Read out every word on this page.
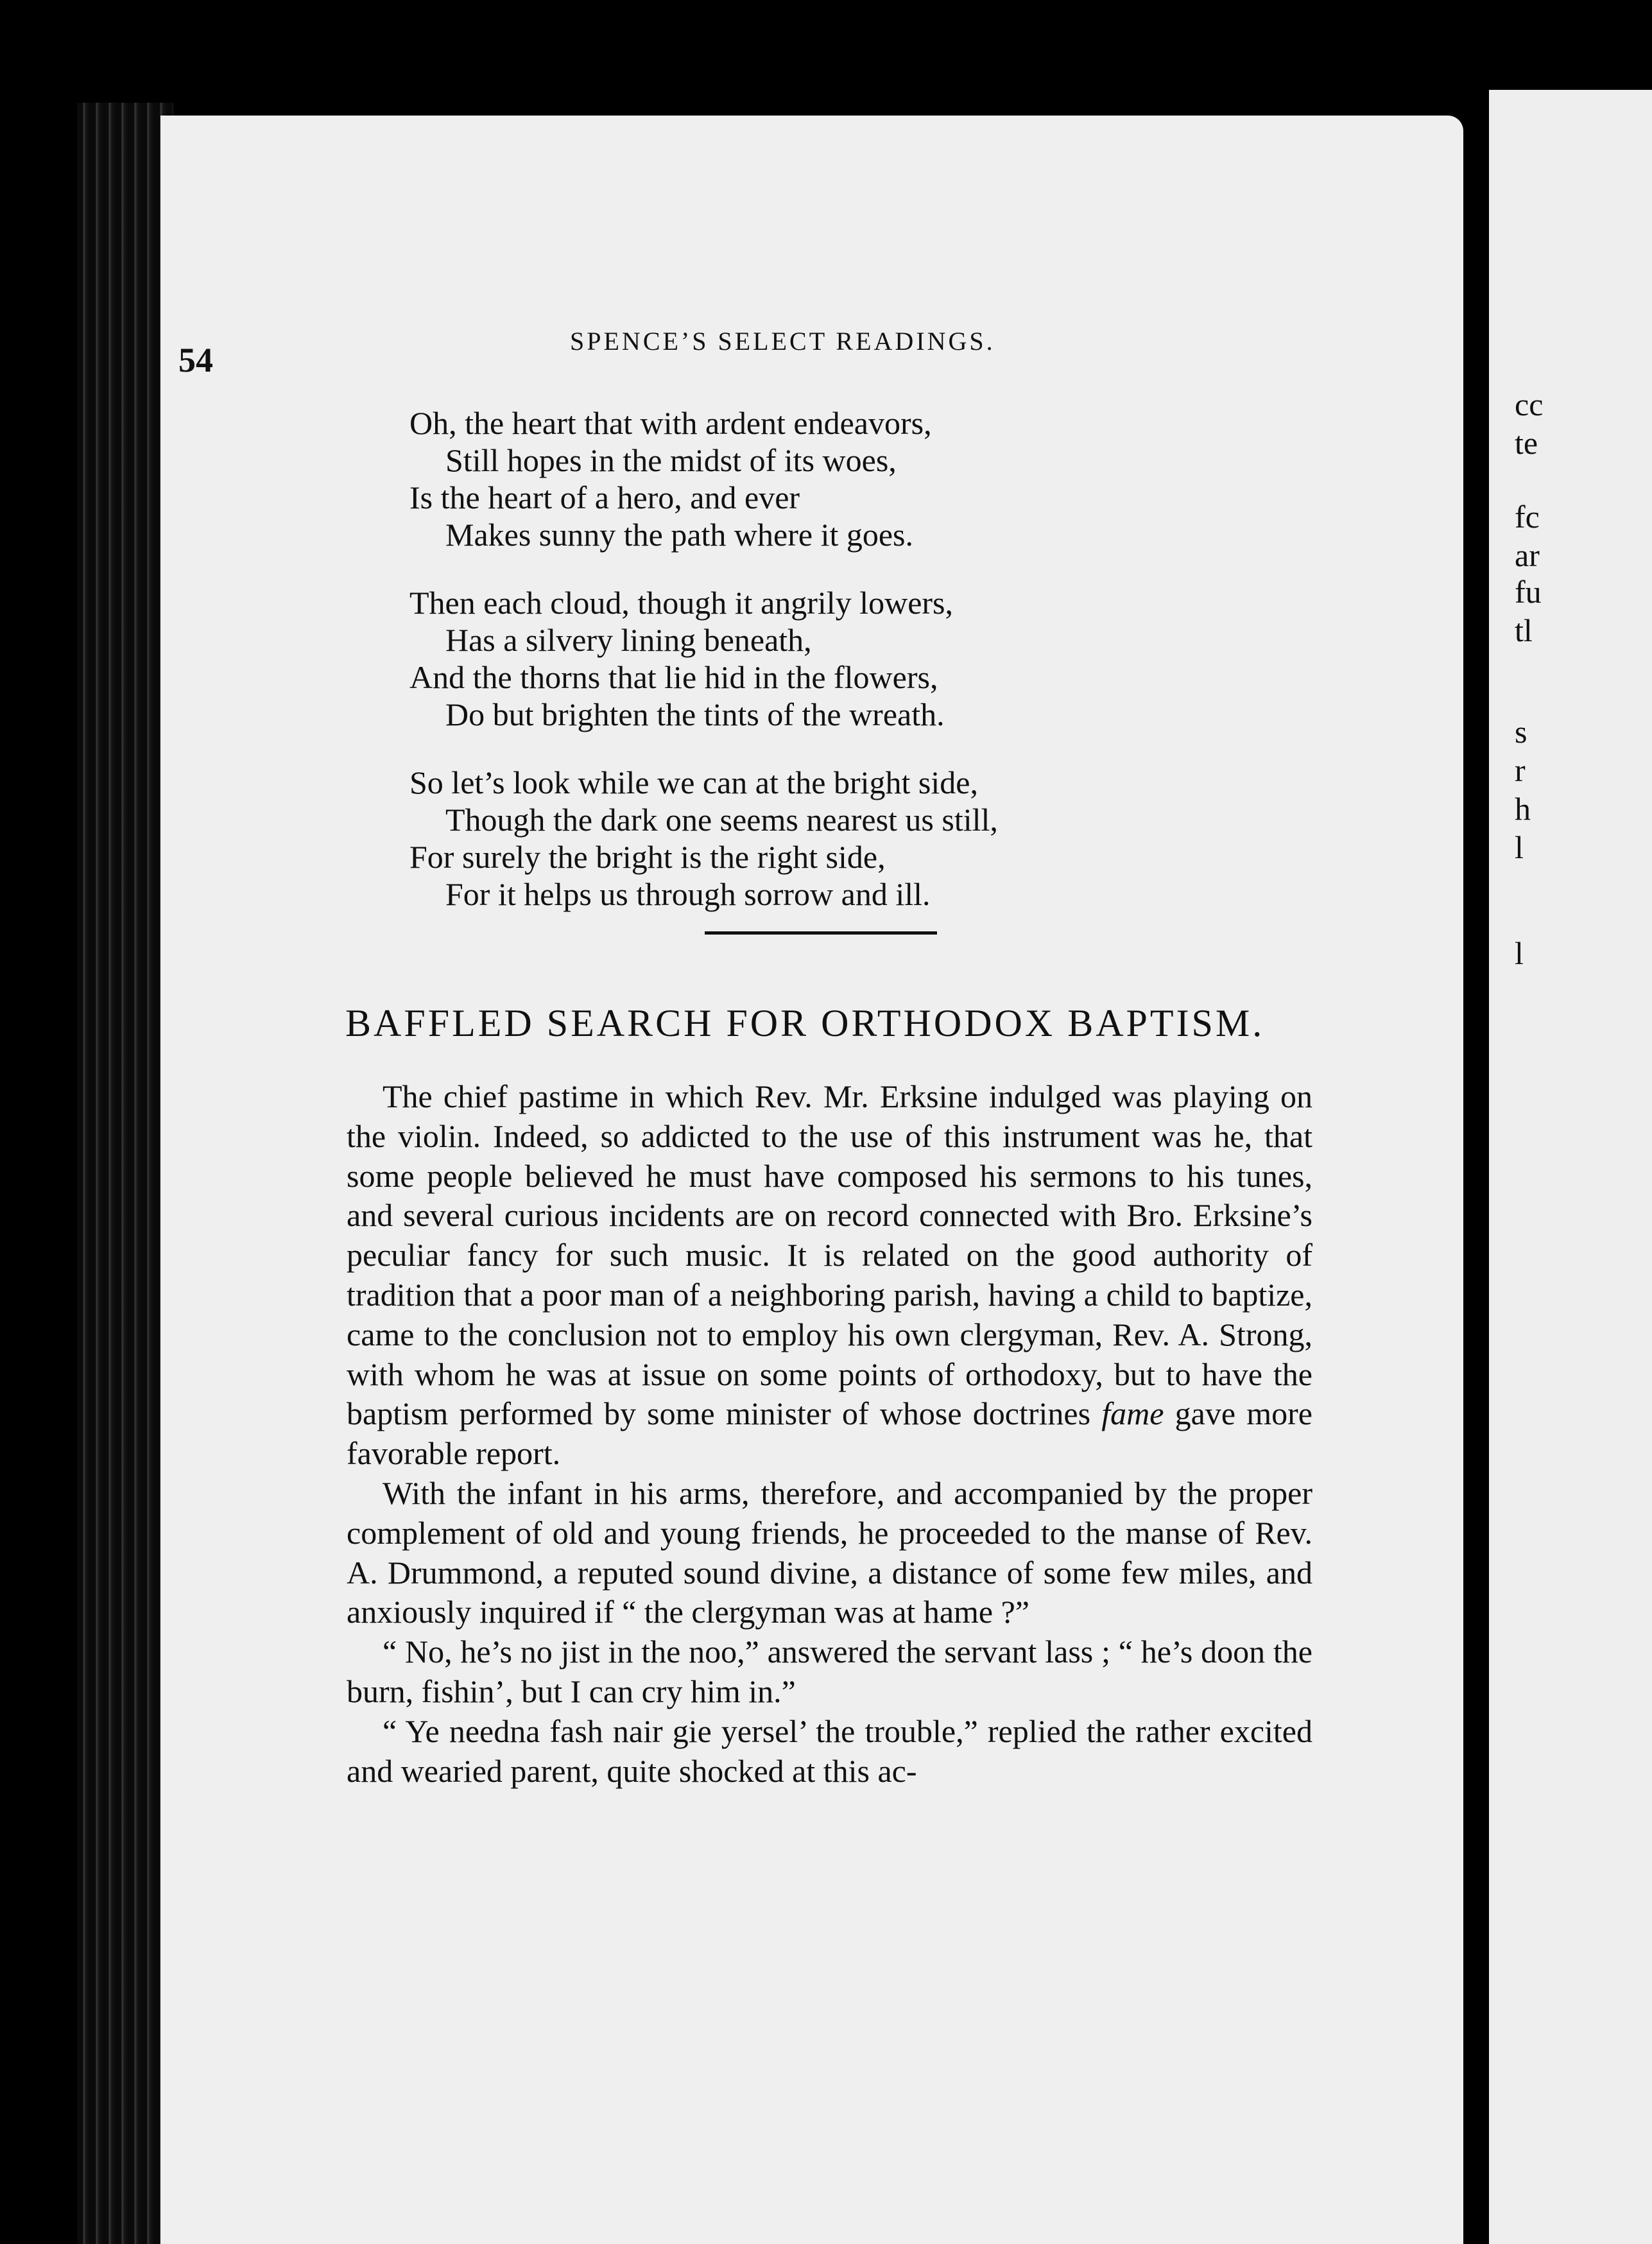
cc
te
fc
ar
fu
tl
s
r
h
l
l
54	SPENCE’S SELECT READINGS.
Oh, the heart that with ardent endeavors,
Still hopes in the midst of its woes,
Is the heart of a hero, and ever
Makes sunny the path where it goes.
Then each cloud, though it angrily lowers,
Has a silvery lining beneath,
And the thorns that lie hid in the flowers,
Do but brighten the tints of the wreath.
So let’s look while we can at the bright side,
Though the dark one seems nearest us still,
For surely the bright is the right side,
For it helps us through sorrow and ill.
BAFFLED SEARCH FOR ORTHODOX BAPTISM.

The chief pastime in which Rev. Mr. Erksine indulged was playing on the violin. Indeed, so addicted to the use of this instrument was he, that some people believed he must have composed his sermons to his tunes, and several curious incidents are on record connected with Bro. Erksine’s peculiar fancy for such music. It is related on the good authority of tradition that a poor man of a neighboring parish, having a child to baptize, came to the conclusion not to employ his own clergyman, Rev. A. Strong, with whom he was at issue on some points of orthodoxy, but to have the baptism performed by some minister of whose doctrines fame gave more favorable report.

With the infant in his arms, therefore, and accompanied by the proper complement of old and young friends, he proceeded to the manse of Rev. A. Drummond, a reputed sound divine, a distance of some few miles, and anxiously inquired if “ the clergyman was at hame ?”

“ No, he’s no jist in the noo,” answered the servant lass ; “ he’s doon the burn, fishin’, but I can cry him in.”

“ Ye needna fash nair gie yersel’ the trouble,” replied the rather excited and wearied parent, quite shocked at this ac-
